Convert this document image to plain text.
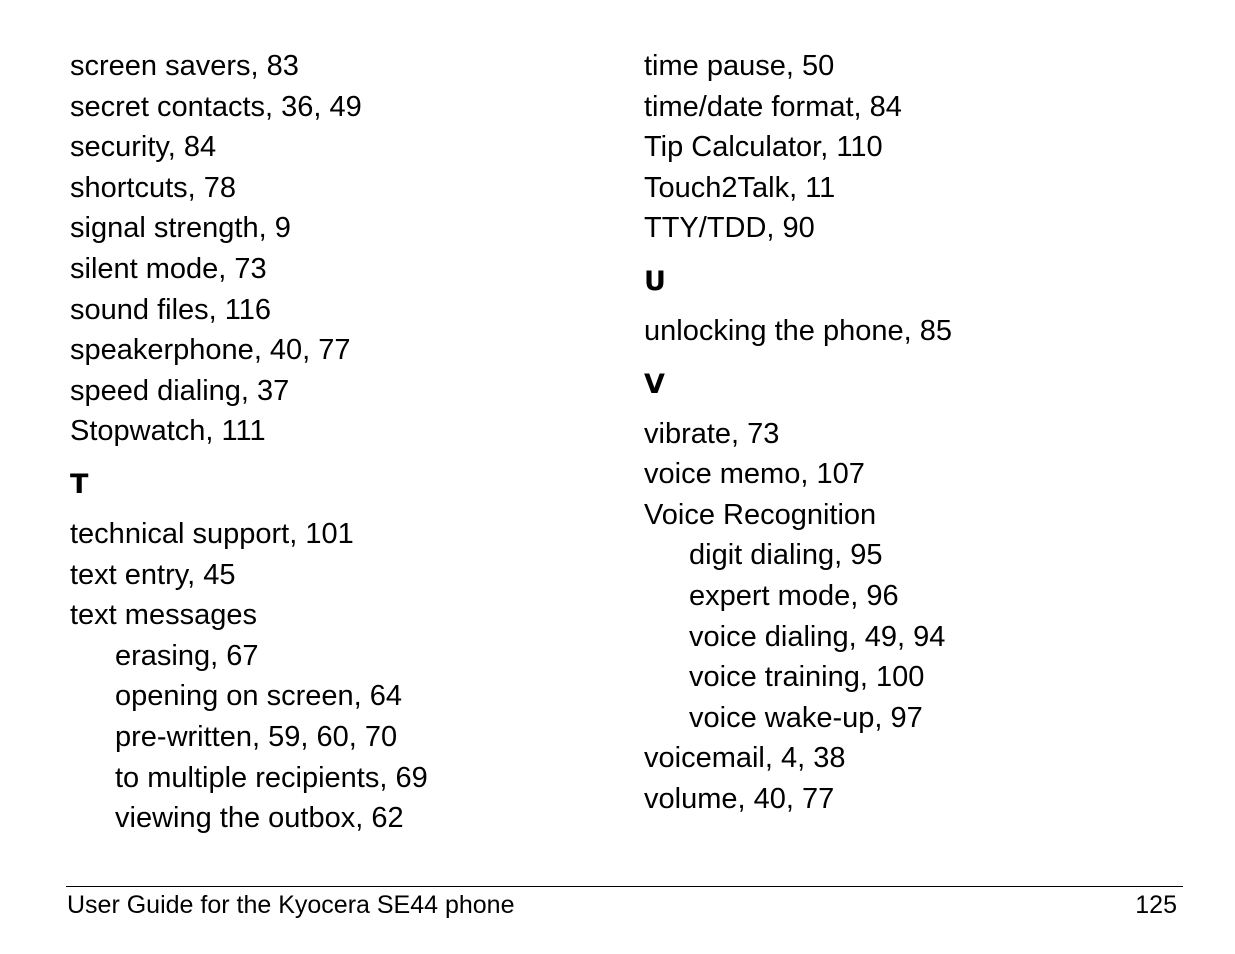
screen savers, 83
secret contacts, 36, 49
security, 84
shortcuts, 78
signal strength, 9
silent mode, 73
sound files, 116
speakerphone, 40, 77
speed dialing, 37
Stopwatch, 111
T
technical support, 101
text entry, 45
text messages
erasing, 67
opening on screen, 64
pre-written, 59, 60, 70
to multiple recipients, 69
viewing the outbox, 62
time pause, 50
time/date format, 84
Tip Calculator, 110
Touch2Talk, 11
TTY/TDD, 90
U
unlocking the phone, 85
V
vibrate, 73
voice memo, 107
Voice Recognition
digit dialing, 95
expert mode, 96
voice dialing, 49, 94
voice training, 100
voice wake-up, 97
voicemail, 4, 38
volume, 40, 77
User Guide for the Kyocera SE44 phone	125
